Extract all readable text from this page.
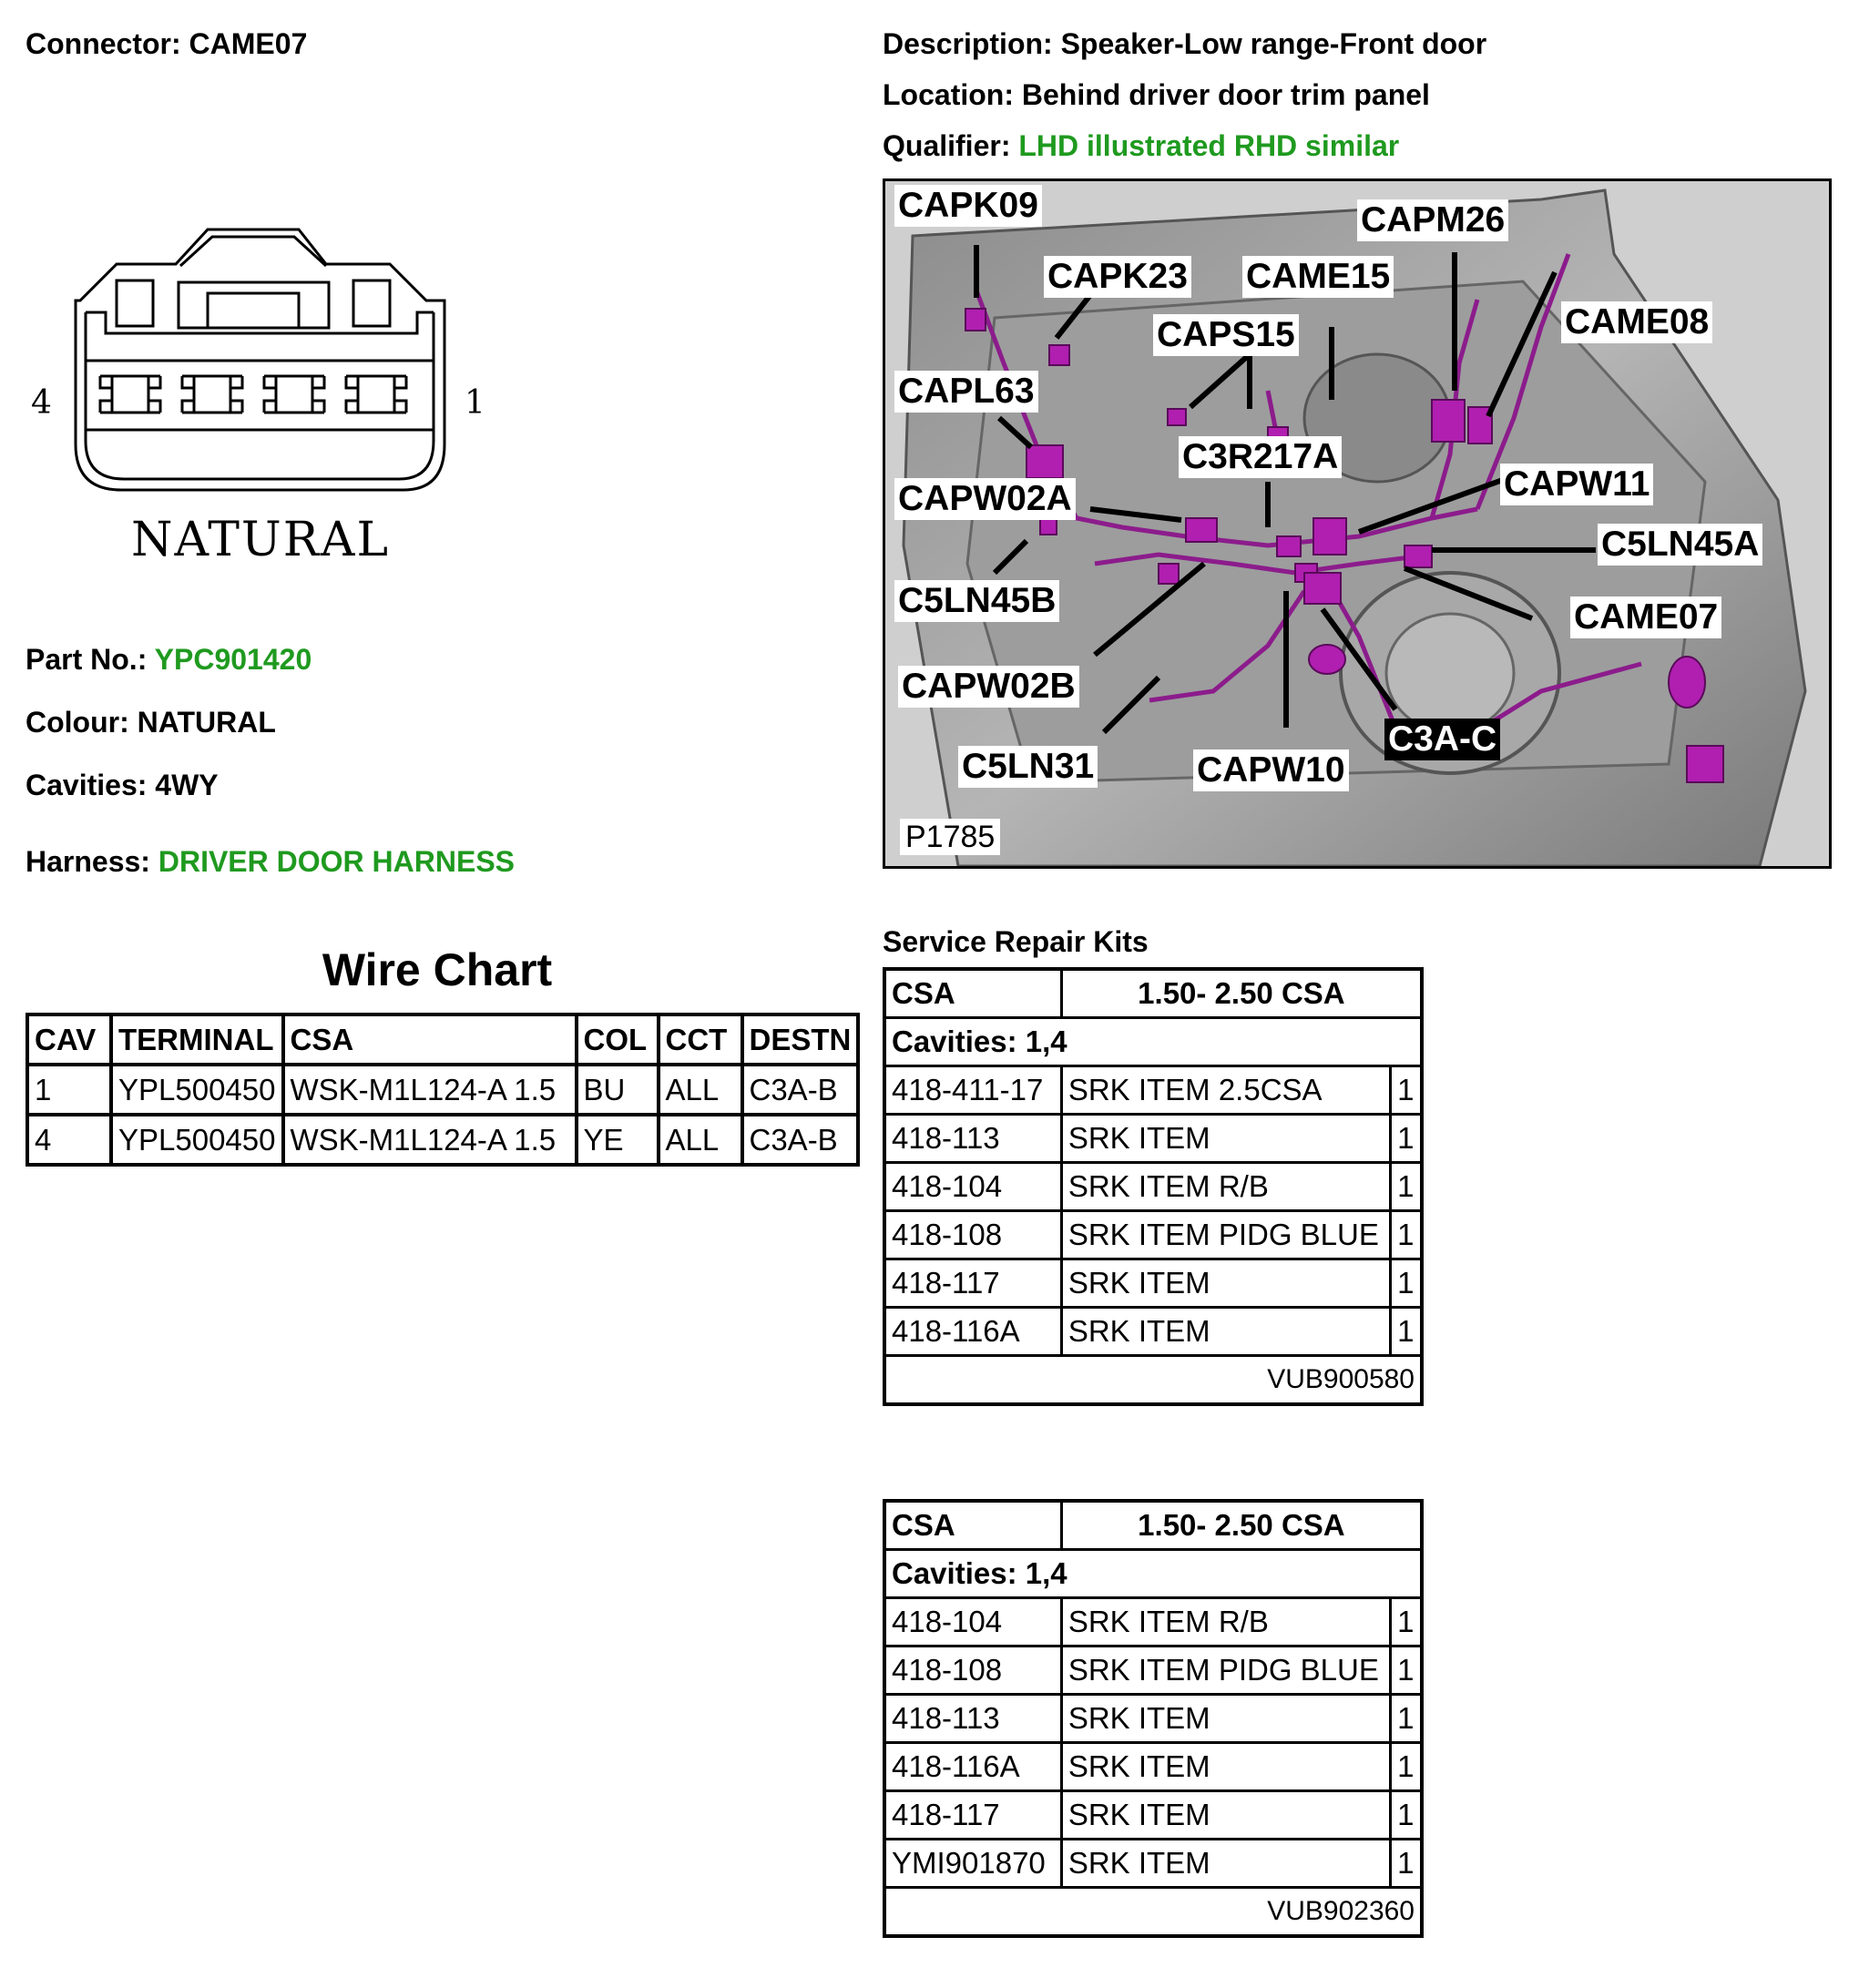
Connector: CAME07	Description: Speaker-Low range-Front door
Location: Behind driver door trim panel
Qualifier: LHD illustrated RHD similar
4	1
NATURAL
Part No.: YPC901420
Colour: NATURAL
Cavities: 4WY
Harness: DRIVER DOOR HARNESS
CAPK09
CAPK23 CAME15
CAPM26
CAPS15	CAME08
CAPL63
C3R217A
CAPW11
CAPW02A
C5LN45A
C5LN45B	CAME07
CAPW02B
C3A-C
C5LN31	CAPW10
P1785
Wire Chart
CAV	TERMINAL	CSA	COL	CCT	DESTN
1	YPL500450	WSK-M1L124-A 1.5	BU	ALL	C3A-B
4	YPL500450	WSK-M1L124-A 1.5	YE	ALL	C3A-B
Service Repair Kits
CSA	1.50- 2.50 CSA	
Cavities: 1,4		
418-411-17	SRK ITEM 2.5CSA	1
418-113	SRK ITEM	1
418-104	SRK ITEM R/B	1
418-108	SRK ITEM PIDG BLUE	1
418-117	SRK ITEM	1
418-116A	SRK ITEM	1
VUB900580		
CSA	1.50- 2.50 CSA	
Cavities: 1,4		
418-104	SRK ITEM R/B	1
418-108	SRK ITEM PIDG BLUE	1
418-113	SRK ITEM	1
418-116A	SRK ITEM	1
418-117	SRK ITEM	1
YMI901870	SRK ITEM	1
VUB902360		
